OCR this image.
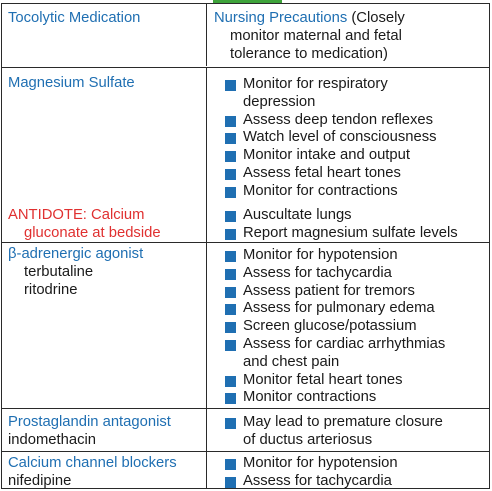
Tocolytic Medication	Nursing Precautions (Closely

monitor maternal and fetal

tolerance to medication)

Magnesium Sulfate

ANTIDOTE: Calcium

gluconate at bedside

Monitor for respiratory
depression
Assess deep tendon reflexes
Watch level of consciousness
Monitor intake and output
Assess fetal heart tones
Monitor for contractions
Auscultate lungs
Report magnesium sulfate levels

β-adrenergic agonist

terbutaline

ritodrine

Monitor for hypotension
Assess for tachycardia
Assess patient for tremors
Assess for pulmonary edema
Screen glucose/potassium
Assess for cardiac arrhythmias
and chest pain
Monitor fetal heart tones
Monitor contractions

Prostaglandin antagonist

indomethacin

May lead to premature closure
of ductus arteriosus

Calcium channel blockers

nifedipine

Monitor for hypotension
Assess for tachycardia
